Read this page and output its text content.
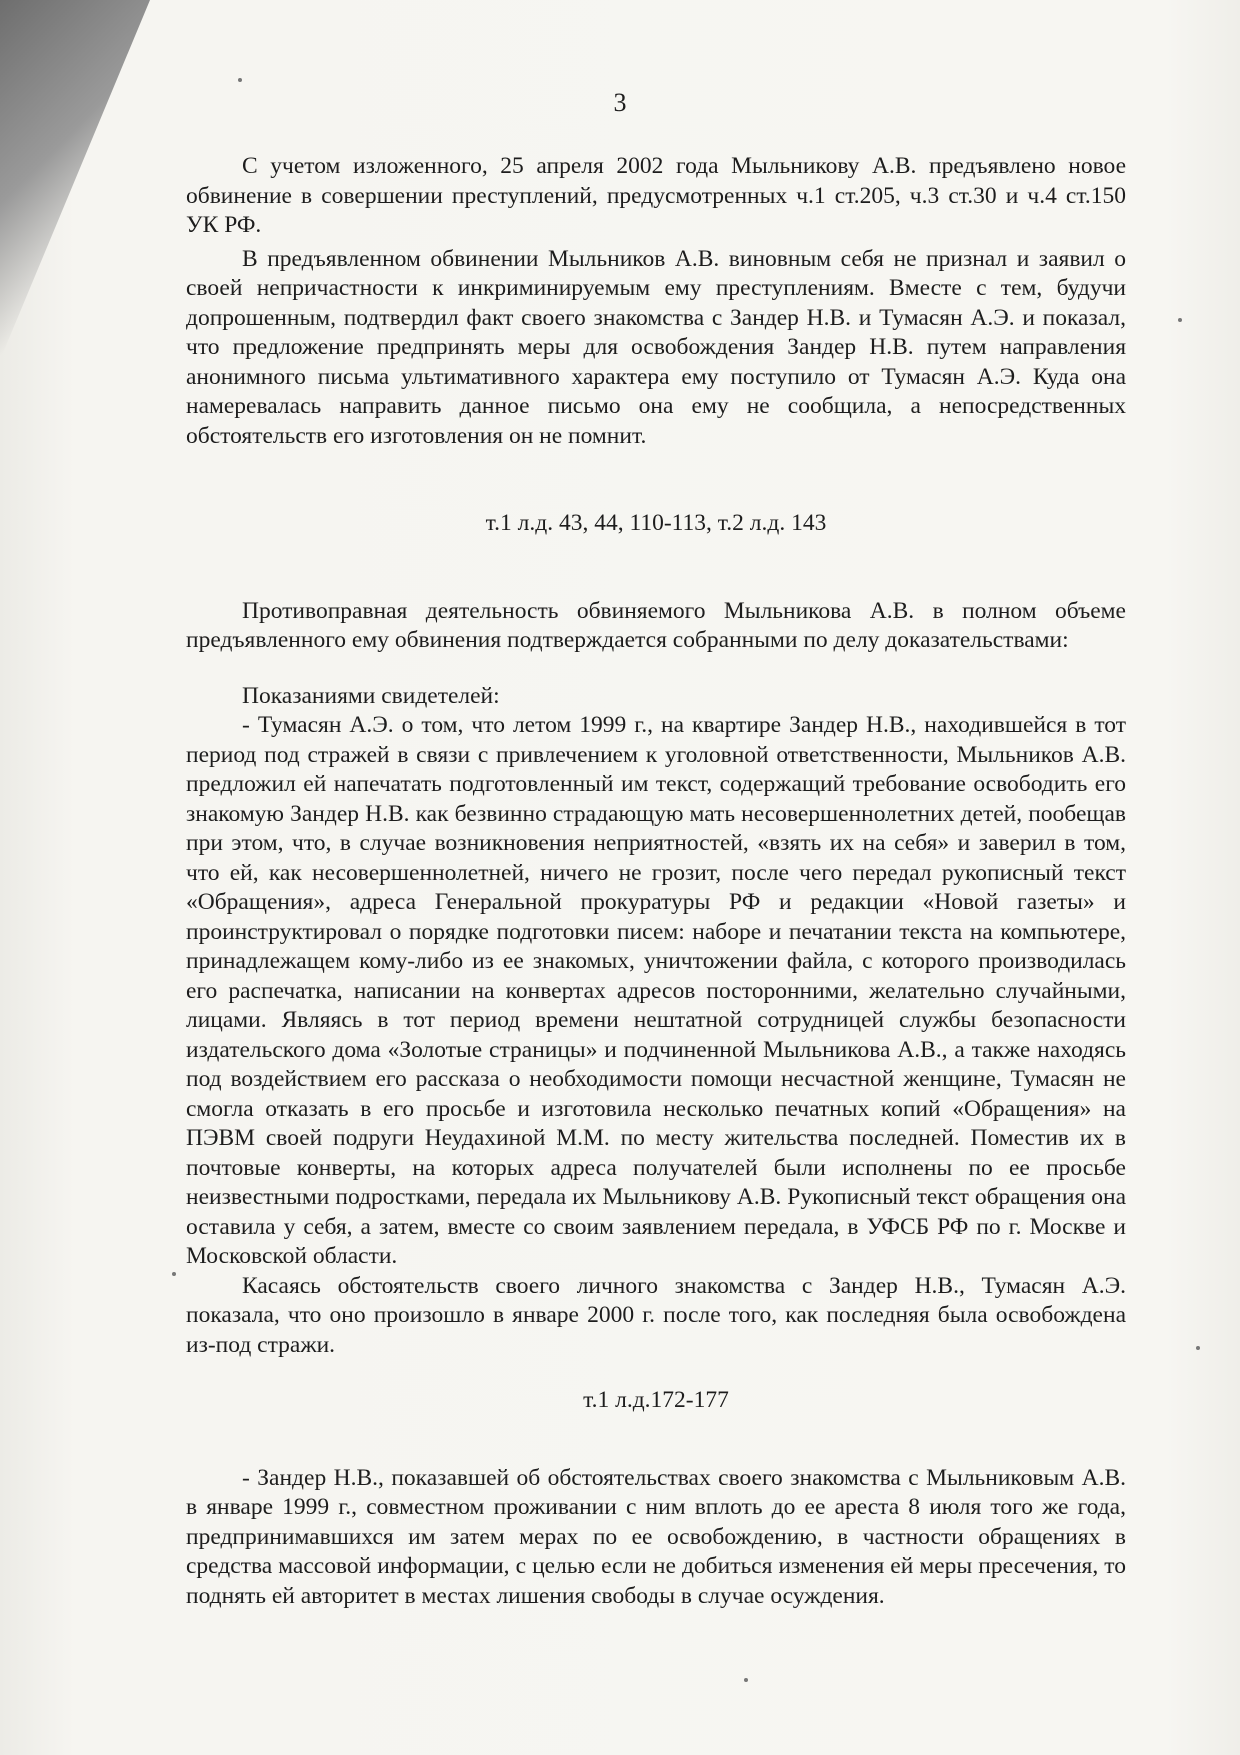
3

С учетом изложенного, 25 апреля 2002 года Мыльникову А.В. предъявлено новое обвинение в совершении преступлений, предусмотренных ч.1 ст.205, ч.3 ст.30 и ч.4 ст.150 УК РФ.

В предъявленном обвинении Мыльников А.В. виновным себя не признал и заявил о своей непричастности к инкриминируемым ему преступлениям. Вместе с тем, будучи допрошенным, подтвердил факт своего знакомства с Зандер Н.В. и Тумасян А.Э. и показал, что предложение предпринять меры для освобождения Зандер Н.В. путем направления анонимного письма ультимативного характера ему поступило от Тумасян А.Э. Куда она намеревалась направить данное письмо она ему не сообщила, а непосредственных обстоятельств его изготовления он не помнит.

т.1 л.д. 43, 44, 110-113, т.2 л.д. 143

Противоправная деятельность обвиняемого Мыльникова А.В. в полном объеме предъявленного ему обвинения подтверждается собранными по делу доказательствами:

Показаниями свидетелей:

- Тумасян А.Э. о том, что летом 1999 г., на квартире Зандер Н.В., находившейся в тот период под стражей в связи с привлечением к уголовной ответственности, Мыльников А.В. предложил ей напечатать подготовленный им текст, содержащий требование освободить его знакомую Зандер Н.В. как безвинно страдающую мать несовершеннолетних детей, пообещав при этом, что, в случае возникновения неприятностей, «взять их на себя» и заверил в том, что ей, как несовершеннолетней, ничего не грозит, после чего передал рукописный текст «Обращения», адреса Генеральной прокуратуры РФ и редакции «Новой газеты» и проинструктировал о порядке подготовки писем: наборе и печатании текста на компьютере, принадлежащем кому-либо из ее знакомых, уничтожении файла, с которого производилась его распечатка, написании на конвертах адресов посторонними, желательно случайными, лицами. Являясь в тот период времени нештатной сотрудницей службы безопасности издательского дома «Золотые страницы» и подчиненной Мыльникова А.В., а также находясь под воздействием его рассказа о необходимости помощи несчастной женщине, Тумасян не смогла отказать в его просьбе и изготовила несколько печатных копий «Обращения» на ПЭВМ своей подруги Неудахиной М.М. по месту жительства последней. Поместив их в почтовые конверты, на которых адреса получателей были исполнены по ее просьбе неизвестными подростками, передала их Мыльникову А.В. Рукописный текст обращения она оставила у себя, а затем, вместе со своим заявлением передала, в УФСБ РФ по г. Москве и Московской области.

Касаясь обстоятельств своего личного знакомства с Зандер Н.В., Тумасян А.Э. показала, что оно произошло в январе 2000 г. после того, как последняя была освобождена из-под стражи.

т.1 л.д.172-177

- Зандер Н.В., показавшей об обстоятельствах своего знакомства с Мыльниковым А.В. в январе 1999 г., совместном проживании с ним вплоть до ее ареста 8 июля того же года, предпринимавшихся им затем мерах по ее освобождению, в частности обращениях в средства массовой информации, с целью если не добиться изменения ей меры пресечения, то поднять ей авторитет в местах лишения свободы в случае осуждения.
